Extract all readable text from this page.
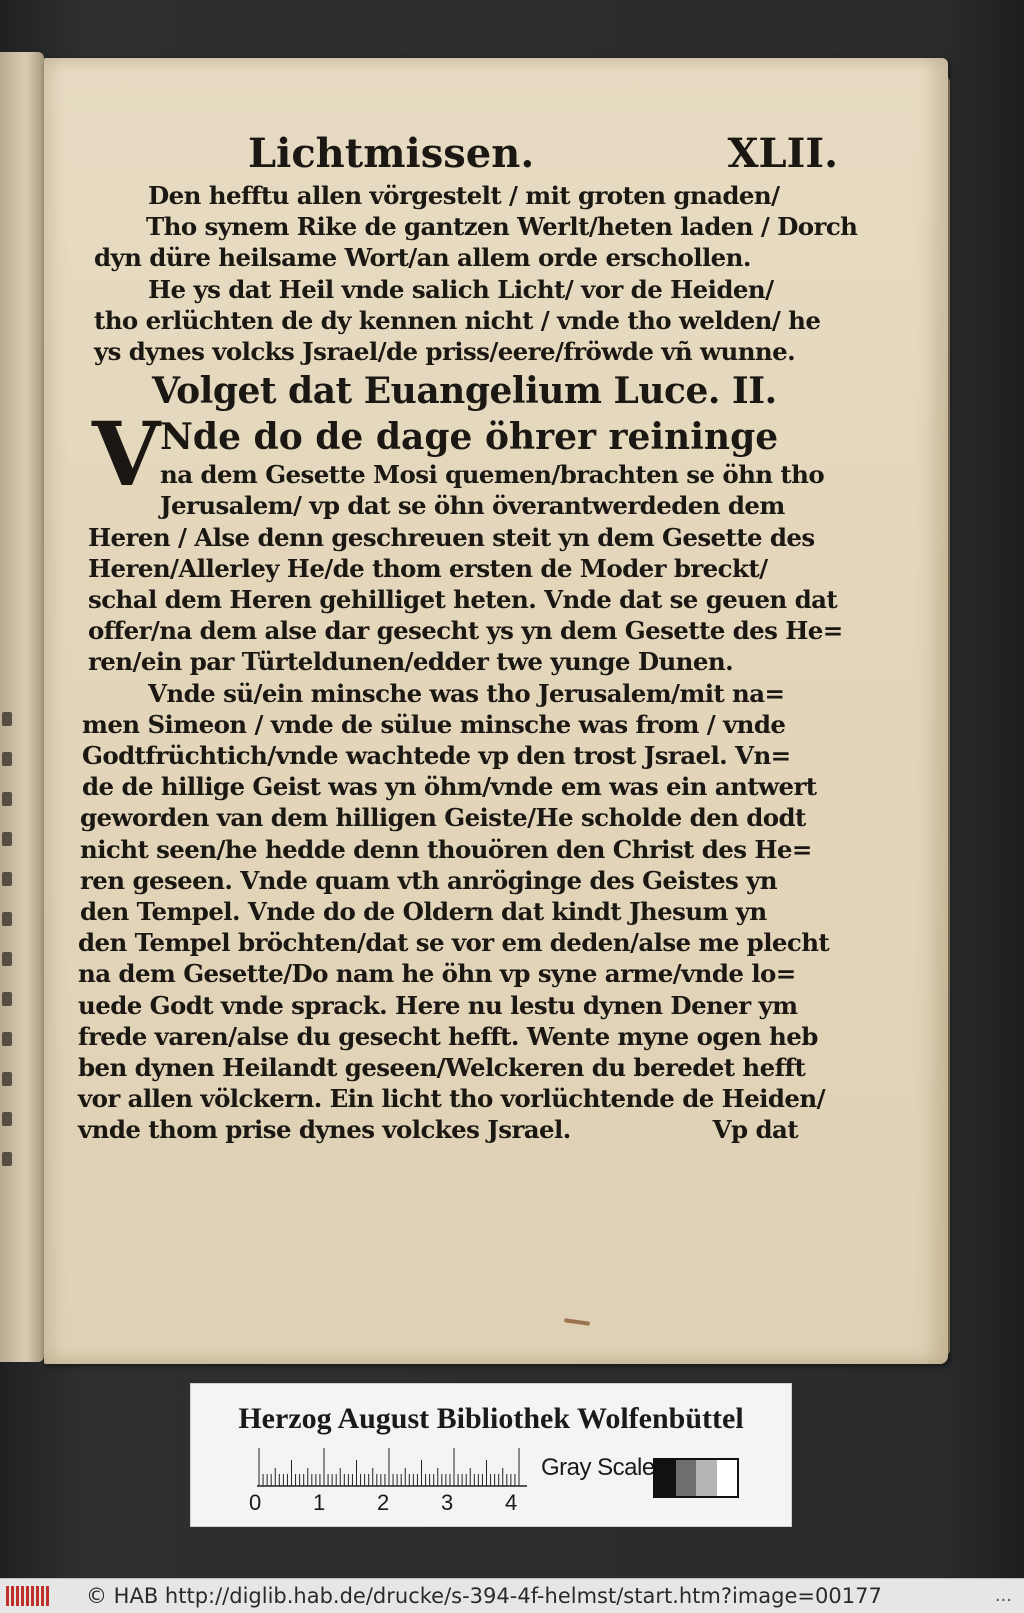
Lichtmissen.	XLII.
Den hefftu allen vörgestelt / mit groten gnaden/
Tho synem Rike de gantzen Werlt/heten laden / Dorch
dyn düre heilsame Wort/an allem orde erschollen.
He ys dat Heil vnde salich Licht/ vor de Heiden/
tho erlüchten de dy kennen nicht / vnde tho welden/ he
ys dynes volcks Jsrael/de priss/eere/fröwde vñ wunne.
Volget dat Euangelium Luce. II.
V Nde do de dage öhrer reininge
na dem Gesette Mosi quemen/brachten se öhn tho
Jerusalem/ vp dat se öhn överantwerdeden dem
Heren / Alse denn geschreuen steit yn dem Gesette des
Heren/Allerley He/de thom ersten de Moder breckt/
schal dem Heren gehilliget heten. Vnde dat se geuen dat
offer/na dem alse dar gesecht ys yn dem Gesette des He=
ren/ein par Türteldunen/edder twe yunge Dunen.
Vnde sü/ein minsche was tho Jerusalem/mit na=
men Simeon / vnde de sülue minsche was from / vnde
Godtfrüchtich/vnde wachtede vp den trost Jsrael. Vn=
de de hillige Geist was yn öhm/vnde em was ein antwert
geworden van dem hilligen Geiste/He scholde den dodt
nicht seen/he hedde denn thouören den Christ des He=
ren geseen. Vnde quam vth anröginge des Geistes yn
den Tempel. Vnde do de Oldern dat kindt Jhesum yn
den Tempel bröchten/dat se vor em deden/alse me plecht
na dem Gesette/Do nam he öhn vp syne arme/vnde lo=
uede Godt vnde sprack. Here nu lestu dynen Dener ym
frede varen/alse du gesecht hefft. Wente myne ogen heb
ben dynen Heilandt geseen/Welckeren du beredet hefft
vor allen völckern. Ein licht tho vorlüchtende de Heiden/
vnde thom prise dynes volckes Jsrael.	Vp dat
Herzog August Bibliothek Wolfenbüttel
0 1 2 3 4
Gray Scale
© HAB http://diglib.hab.de/drucke/s-394-4f-helmst/start.htm?image=00177	...
